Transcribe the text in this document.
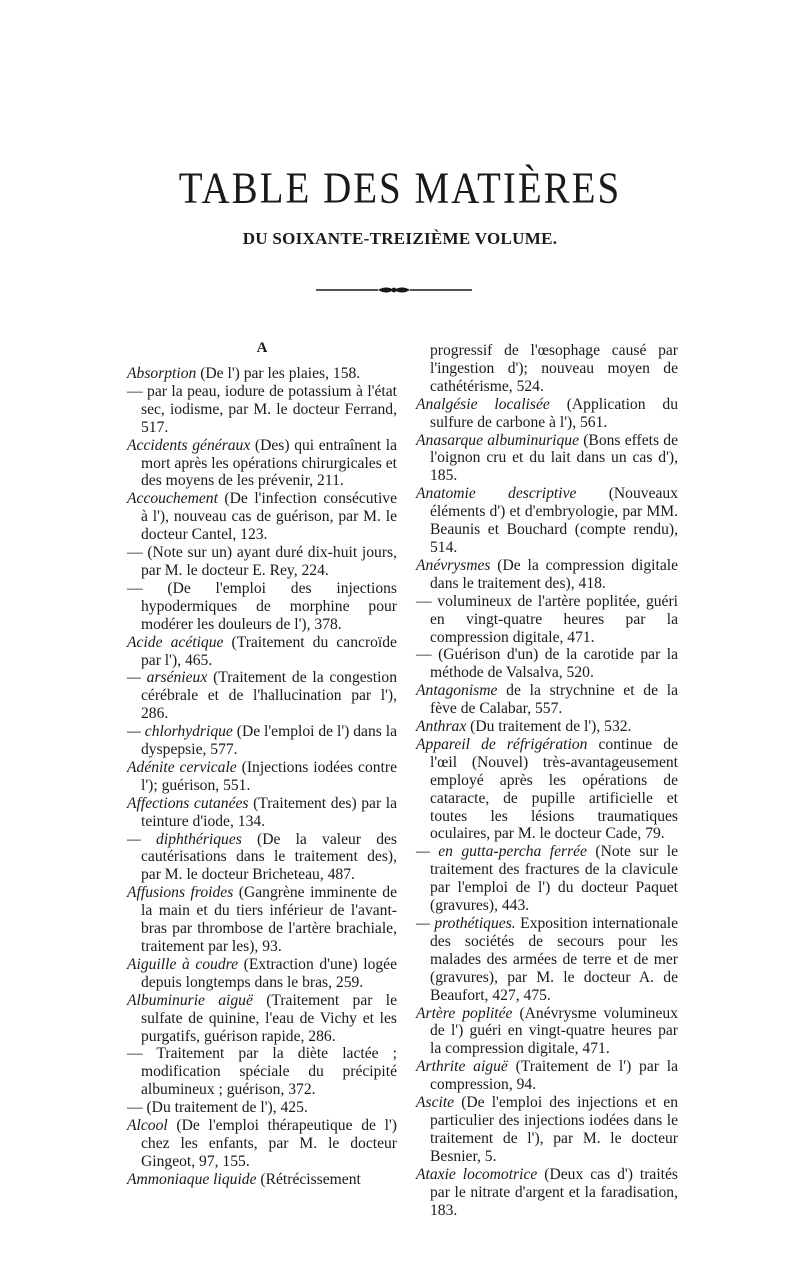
TABLE DES MATIÈRES
DU SOIXANTE-TREIZIÈME VOLUME.
A

Absorption (De l') par les plaies, 158.

— par la peau, iodure de potassium à l'état sec, iodisme, par M. le docteur Ferrand, 517.

Accidents généraux (Des) qui entraînent la mort après les opérations chirurgicales et des moyens de les prévenir, 211.

Accouchement (De l'infection consécutive à l'), nouveau cas de guérison, par M. le docteur Cantel, 123.

— (Note sur un) ayant duré dix-huit jours, par M. le docteur E. Rey, 224.

— (De l'emploi des injections hypodermiques de morphine pour modérer les douleurs de l'), 378.

Acide acétique (Traitement du cancroïde par l'), 465.

— arsénieux (Traitement de la congestion cérébrale et de l'hallucination par l'), 286.

— chlorhydrique (De l'emploi de l') dans la dyspepsie, 577.

Adénite cervicale (Injections iodées contre l'); guérison, 551.

Affections cutanées (Traitement des) par la teinture d'iode, 134.

— diphthériques (De la valeur des cautérisations dans le traitement des), par M. le docteur Bricheteau, 487.

Affusions froides (Gangrène imminente de la main et du tiers inférieur de l'avant-bras par thrombose de l'artère brachiale, traitement par les), 93.

Aiguille à coudre (Extraction d'une) logée depuis longtemps dans le bras, 259.

Albuminurie aiguë (Traitement par le sulfate de quinine, l'eau de Vichy et les purgatifs, guérison rapide, 286.

— Traitement par la diète lactée ; modification spéciale du précipité albumineux ; guérison, 372.

— (Du traitement de l'), 425.

Alcool (De l'emploi thérapeutique de l') chez les enfants, par M. le docteur Gingeot, 97, 155.

Ammoniaque liquide (Rétrécissement

progressif de l'œsophage causé par l'ingestion d'); nouveau moyen de cathétérisme, 524.

Analgésie localisée (Application du sulfure de carbone à l'), 561.

Anasarque albuminurique (Bons effets de l'oignon cru et du lait dans un cas d'), 185.

Anatomie descriptive (Nouveaux éléments d') et d'embryologie, par MM. Beaunis et Bouchard (compte rendu), 514.

Anévrysmes (De la compression digitale dans le traitement des), 418.

— volumineux de l'artère poplitée, guéri en vingt-quatre heures par la compression digitale, 471.

— (Guérison d'un) de la carotide par la méthode de Valsalva, 520.

Antagonisme de la strychnine et de la fève de Calabar, 557.

Anthrax (Du traitement de l'), 532.

Appareil de réfrigération continue de l'œil (Nouvel) très-avantageusement employé après les opérations de cataracte, de pupille artificielle et toutes les lésions traumatiques oculaires, par M. le docteur Cade, 79.

— en gutta-percha ferrée (Note sur le traitement des fractures de la clavicule par l'emploi de l') du docteur Paquet (gravures), 443.

— prothétiques. Exposition internationale des sociétés de secours pour les malades des armées de terre et de mer (gravures), par M. le docteur A. de Beaufort, 427, 475.

Artère poplitée (Anévrysme volumineux de l') guéri en vingt-quatre heures par la compression digitale, 471.

Arthrite aiguë (Traitement de l') par la compression, 94.

Ascite (De l'emploi des injections et en particulier des injections iodées dans le traitement de l'), par M. le docteur Besnier, 5.

Ataxie locomotrice (Deux cas d') traités par le nitrate d'argent et la faradisation, 183.
